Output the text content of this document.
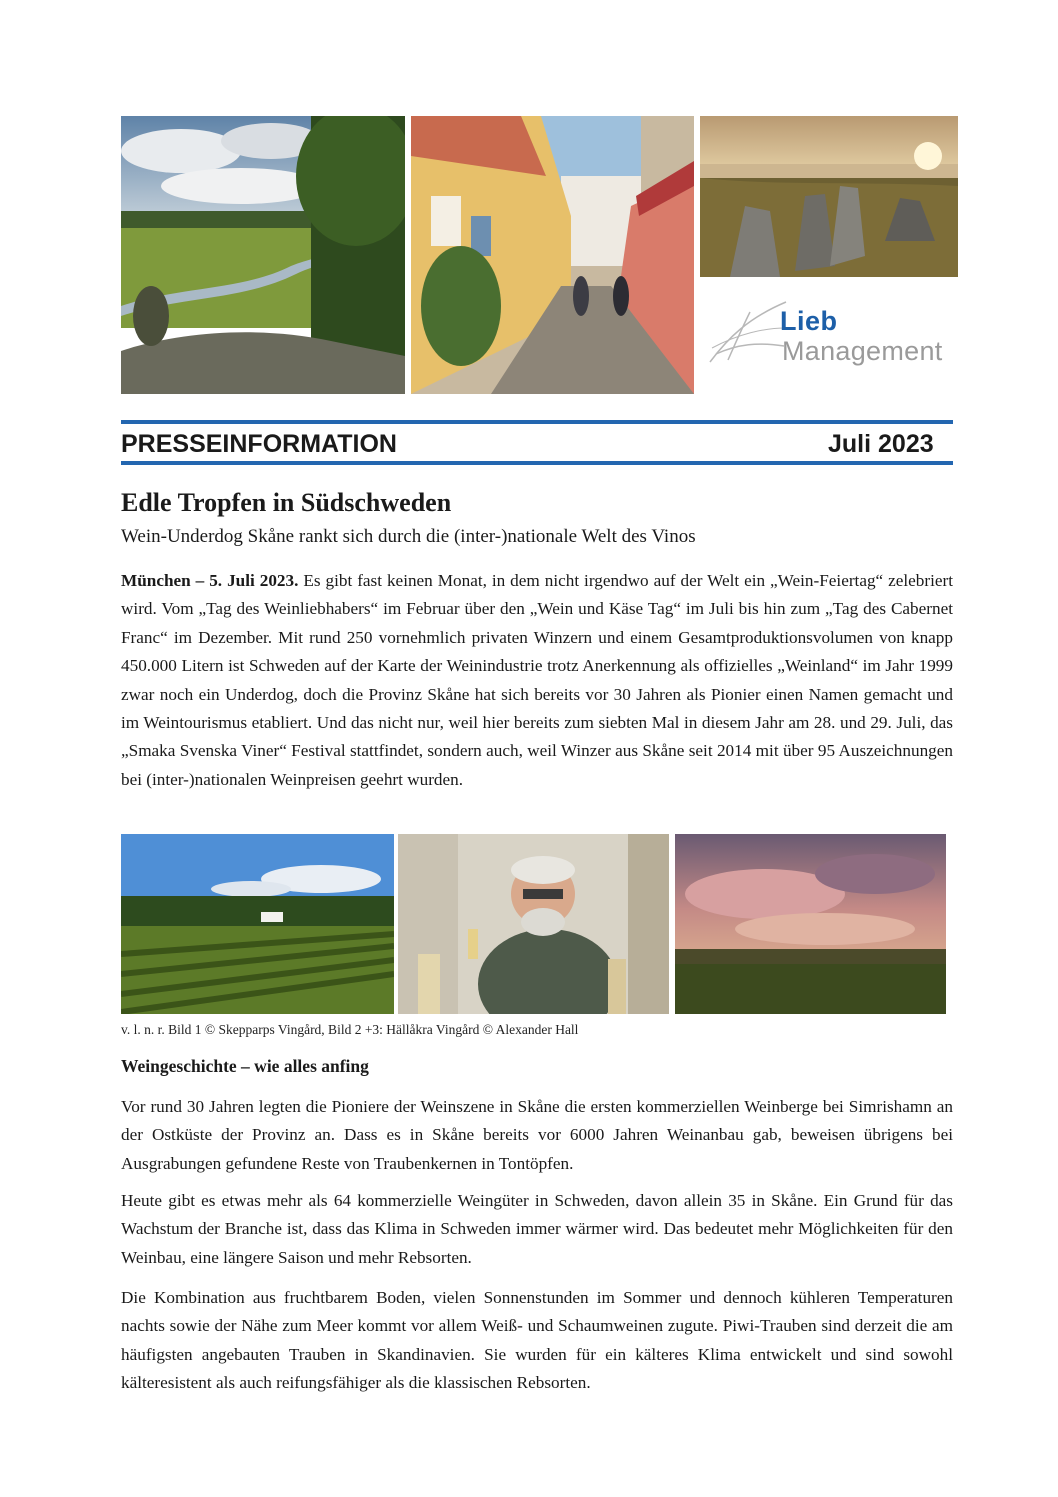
Lieb
Management
PRESSEINFORMATION	Juli 2023
Edle Tropfen in Südschweden
Wein-Underdog Skåne rankt sich durch die (inter-)nationale Welt des Vinos

München – 5. Juli 2023. Es gibt fast keinen Monat, in dem nicht irgendwo auf der Welt ein „Wein-Feiertag“ zelebriert wird. Vom „Tag des Weinliebhabers“ im Februar über den „Wein und Käse Tag“ im Juli bis hin zum „Tag des Cabernet Franc“ im Dezember. Mit rund 250 vornehmlich privaten Winzern und einem Gesamtproduktionsvolumen von knapp 450.000 Litern ist Schweden auf der Karte der Weinindustrie trotz Anerkennung als offizielles „Weinland“ im Jahr 1999 zwar noch ein Underdog, doch die Provinz Skåne hat sich bereits vor 30 Jahren als Pionier einen Namen gemacht und im Weintourismus etabliert. Und das nicht nur, weil hier bereits zum siebten Mal in diesem Jahr am 28. und 29. Juli, das „Smaka Svenska Viner“ Festival stattfindet, sondern auch, weil Winzer aus Skåne seit 2014 mit über 95 Auszeichnungen bei (inter-)nationalen Weinpreisen geehrt wurden.

v. l. n. r. Bild 1 © Skepparps Vingård, Bild 2 +3: Hällåkra Vingård © Alexander Hall
Weingeschichte – wie alles anfing

Vor rund 30 Jahren legten die Pioniere der Weinszene in Skåne die ersten kommerziellen Weinberge bei Simrishamn an der Ostküste der Provinz an. Dass es in Skåne bereits vor 6000 Jahren Weinanbau gab, beweisen übrigens bei Ausgrabungen gefundene Reste von Traubenkernen in Tontöpfen.

Heute gibt es etwas mehr als 64 kommerzielle Weingüter in Schweden, davon allein 35 in Skåne. Ein Grund für das Wachstum der Branche ist, dass das Klima in Schweden immer wärmer wird. Das bedeutet mehr Möglichkeiten für den Weinbau, eine längere Saison und mehr Rebsorten.

Die Kombination aus fruchtbarem Boden, vielen Sonnenstunden im Sommer und dennoch kühleren Temperaturen nachts sowie der Nähe zum Meer kommt vor allem Weiß- und Schaumweinen zugute. Piwi-Trauben sind derzeit die am häufigsten angebauten Trauben in Skandinavien. Sie wurden für ein kälteres Klima entwickelt und sind sowohl kälteresistent als auch reifungsfähiger als die klassischen Rebsorten.
